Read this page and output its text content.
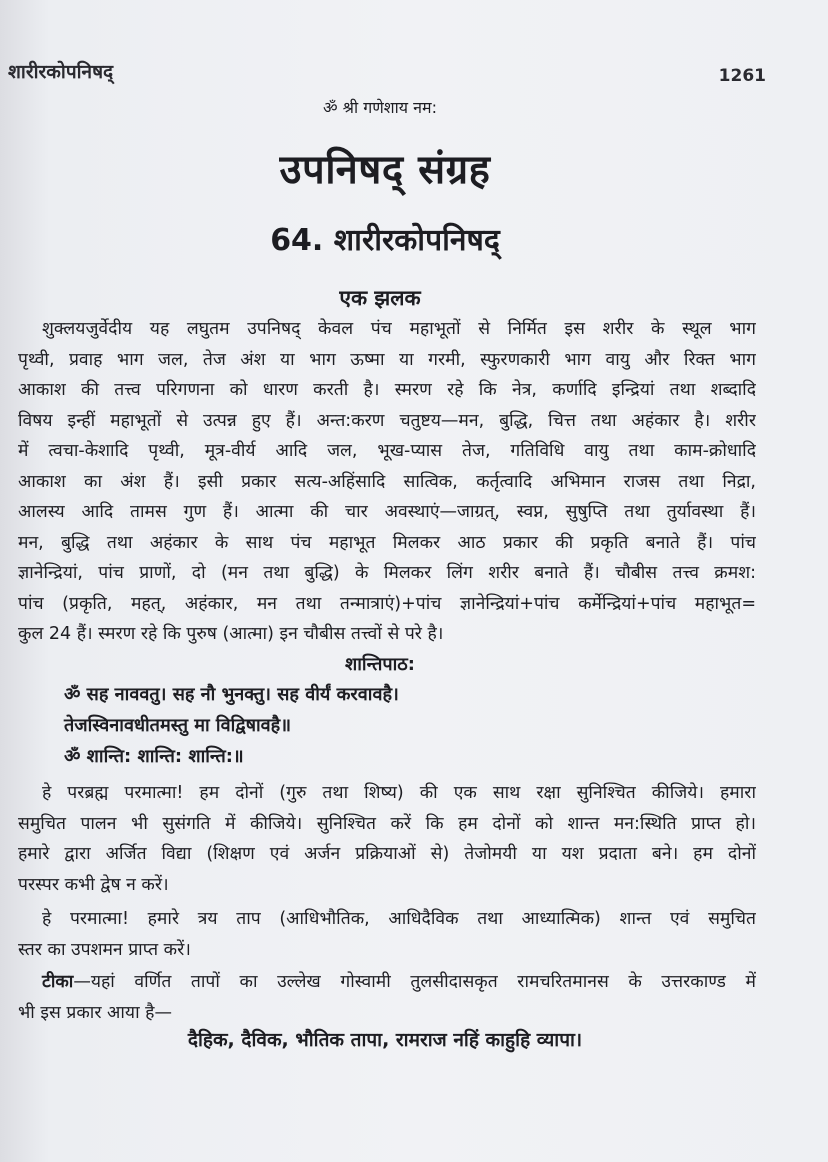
शारीरकोपनिषद्	1261
ॐ श्री गणेशाय नम:
उपनिषद् संग्रह
64. शारीरकोपनिषद्
एक झलक
शुक्लयजुर्वेदीय यह लघुतम उपनिषद् केवल पंच महाभूतों से निर्मित इस शरीर के स्थूल भाग
पृथ्वी, प्रवाह भाग जल, तेज अंश या भाग ऊष्मा या गरमी, स्फुरणकारी भाग वायु और रिक्त भाग
आकाश की तत्त्व परिगणना को धारण करती है। स्मरण रहे कि नेत्र, कर्णादि इन्द्रियां तथा शब्दादि
विषय इन्हीं महाभूतों से उत्पन्न हुए हैं। अन्त:करण चतुष्टय—मन, बुद्धि, चित्त तथा अहंकार है। शरीर
में त्वचा-केशादि पृथ्वी, मूत्र-वीर्य आदि जल, भूख-प्यास तेज, गतिविधि वायु तथा काम-क्रोधादि
आकाश का अंश हैं। इसी प्रकार सत्य-अहिंसादि सात्विक, कर्तृत्वादि अभिमान राजस तथा निद्रा,
आलस्य आदि तामस गुण हैं। आत्मा की चार अवस्थाएं—जाग्रत्, स्वप्न, सुषुप्ति तथा तुर्यावस्था हैं।
मन, बुद्धि तथा अहंकार के साथ पंच महाभूत मिलकर आठ प्रकार की प्रकृति बनाते हैं। पांच
ज्ञानेन्द्रियां, पांच प्राणों, दो (मन तथा बुद्धि) के मिलकर लिंग शरीर बनाते हैं। चौबीस तत्त्व क्रमश:
पांच (प्रकृति, महत्, अहंकार, मन तथा तन्मात्राएं)+पांच ज्ञानेन्द्रियां+पांच कर्मेन्द्रियां+पांच महाभूत=
कुल 24 हैं। स्मरण रहे कि पुरुष (आत्मा) इन चौबीस तत्त्वों से परे है।
शान्तिपाठ:
ॐ सह नाववतु। सह नौ भुनक्तु। सह वीर्यं करवावहै।
तेजस्विनावधीतमस्तु मा विद्विषावहै॥
ॐ शान्ति: शान्ति: शान्ति:॥
हे परब्रह्म परमात्मा! हम दोनों (गुरु तथा शिष्य) की एक साथ रक्षा सुनिश्चित कीजिये। हमारा
समुचित पालन भी सुसंगति में कीजिये। सुनिश्चित करें कि हम दोनों को शान्त मन:स्थिति प्राप्त हो।
हमारे द्वारा अर्जित विद्या (शिक्षण एवं अर्जन प्रक्रियाओं से) तेजोमयी या यश प्रदाता बने। हम दोनों
परस्पर कभी द्वेष न करें।
हे परमात्मा! हमारे त्रय ताप (आधिभौतिक, आधिदैविक तथा आध्यात्मिक) शान्त एवं समुचित
स्तर का उपशमन प्राप्त करें।
टीका—यहां वर्णित तापों का उल्लेख गोस्वामी तुलसीदासकृत रामचरितमानस के उत्तरकाण्ड में
भी इस प्रकार आया है—
दैहिक, दैविक, भौतिक तापा, रामराज नहिं काहुहि व्यापा।
